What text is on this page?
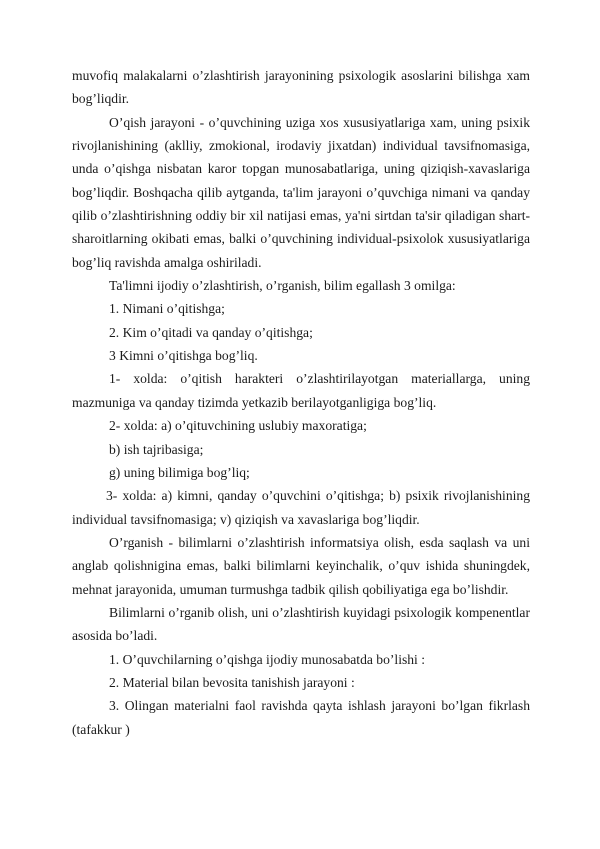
muvofiq malakalarni o’zlashtirish jarayonining psixologik asoslarini bilishga xam bog’liqdir.

O’qish jarayoni - o’quvchining uziga xos xususiyatlariga xam, uning psixik rivojlanishining (aklliy, zmokional, irodaviy jixatdan) individual tavsifnomasiga, unda o’qishga nisbatan karor topgan munosabatlariga, uning qiziqish-xavaslariga bog’liqdir. Boshqacha qilib aytganda, ta'lim jarayoni o’quvchiga nimani va qanday qilib o’zlashtirishning oddiy bir xil natijasi emas, ya'ni sirtdan ta'sir qiladigan shart-sharoitlarning okibati emas, balki o’quvchining individual-psixolok xususiyatlariga bog’liq ravishda amalga oshiriladi.

Ta'limni ijodiy o’zlashtirish, o’rganish, bilim egallash 3 omilga:

1. Nimani o’qitishga;

2. Kim o’qitadi va qanday o’qitishga;

3 Kimni o’qitishga bog’liq.

1- xolda: o’qitish harakteri o’zlashtirilayotgan materiallarga, uning mazmuniga va qanday tizimda yetkazib berilayotganligiga bog’liq.

2- xolda: a) o’qituvchining uslubiy maxoratiga;

b) ish tajribasiga;

g) uning bilimiga bog’liq;

3- xolda: a) kimni, qanday o’quvchini o’qitishga; b) psixik rivojlanishining individual tavsifnomasiga; v) qiziqish va xavaslariga bog’liqdir.

O’rganish - bilimlarni o’zlashtirish informatsiya olish, esda saqlash va uni anglab qolishnigina emas, balki bilimlarni keyinchalik, o’quv ishida shuningdek, mehnat jarayonida, umuman turmushga tadbik qilish qobiliyatiga ega bo’lishdir.

Bilimlarni o’rganib olish, uni o’zlashtirish kuyidagi psixologik kompenentlar asosida bo’ladi.

1. O’quvchilarning o’qishga ijodiy munosabatda bo’lishi :

2. Material bilan bevosita tanishish jarayoni :

3. Olingan materialni faol ravishda qayta ishlash jarayoni bo’lgan fikrlash (tafakkur )
